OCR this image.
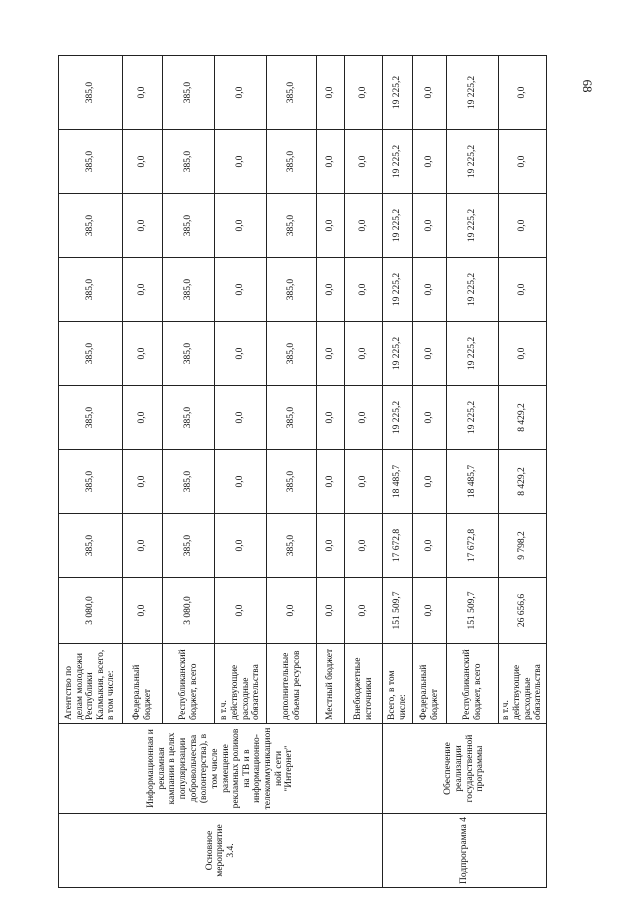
68
Основное мероприятие 3.4.	Информационная и рекламная кампании в целях популяризации добровольчества (волонтерства), в том числе размещение рекламных роликов на ТВ и в информационно-телекоммуникационной сети "Интернет"	Агентство по делам молодежи Республики Калмыкия, всего, в том числе:	3 080,0	385,0	385,0	385,0	385,0	385,0	385,0	385,0	385,0
		Федеральный бюджет	0,0	0,0	0,0	0,0	0,0	0,0	0,0	0,0	0,0
		Республиканский бюджет, всего	3 080,0	385,0	385,0	385,0	385,0	385,0	385,0	385,0	385,0
		в т.ч. действующие расходные обязательства	0,0	0,0	0,0	0,0	0,0	0,0	0,0	0,0	0,0
		дополнительные объемы ресурсов	0,0	385,0	385,0	385,0	385,0	385,0	385,0	385,0	385,0
		Местный бюджет	0,0	0,0	0,0	0,0	0,0	0,0	0,0	0,0	0,0
		Внебюджетные источники	0,0	0,0	0,0	0,0	0,0	0,0	0,0	0,0	0,0
Подпрограмма 4	Обеспечение реализации государственной программы	Всего, в том числе:	151 509,7	17 672,8	18 485,7	19 225,2	19 225,2	19 225,2	19 225,2	19 225,2	19 225,2
		Федеральный бюджет	0,0	0,0	0,0	0,0	0,0	0,0	0,0	0,0	0,0
		Республиканский бюджет, всего	151 509,7	17 672,8	18 485,7	19 225,2	19 225,2	19 225,2	19 225,2	19 225,2	19 225,2
		в т.ч. действующие расходные обязательства	26 656,6	9 798,2	8 429,2	8 429,2	0,0	0,0	0,0	0,0	0,0
